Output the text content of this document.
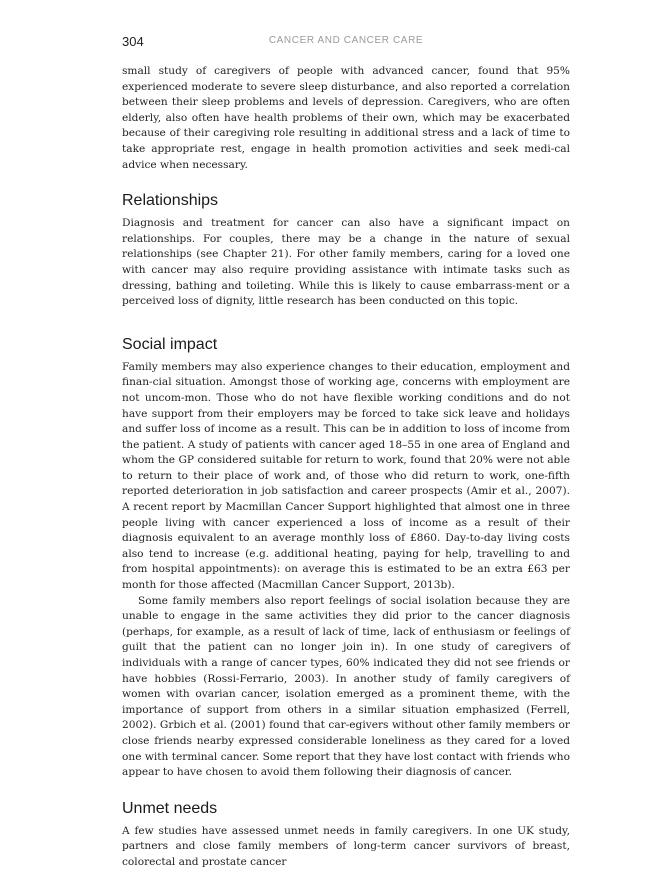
304	CANCER AND CANCER CARE

small study of caregivers of people with advanced cancer, found that 95% experienced moderate to severe sleep disturbance, and also reported a correlation between their sleep problems and levels of depression. Caregivers, who are often elderly, also often have health problems of their own, which may be exacerbated because of their caregiving role resulting in additional stress and a lack of time to take appropriate rest, engage in health promotion activities and seek medi-cal advice when necessary.

Relationships

Diagnosis and treatment for cancer can also have a significant impact on relationships. For couples, there may be a change in the nature of sexual relationships (see Chapter 21). For other family members, caring for a loved one with cancer may also require providing assistance with intimate tasks such as dressing, bathing and toileting. While this is likely to cause embarrass-ment or a perceived loss of dignity, little research has been conducted on this topic.

Social impact

Family members may also experience changes to their education, employment and finan-cial situation. Amongst those of working age, concerns with employment are not uncom-mon. Those who do not have flexible working conditions and do not have support from their employers may be forced to take sick leave and holidays and suffer loss of income as a result. This can be in addition to loss of income from the patient. A study of patients with cancer aged 18–55 in one area of England and whom the GP considered suitable for return to work, found that 20% were not able to return to their place of work and, of those who did return to work, one-fifth reported deterioration in job satisfaction and career prospects (Amir et al., 2007). A recent report by Macmillan Cancer Support highlighted that almost one in three people living with cancer experienced a loss of income as a result of their diagnosis equivalent to an average monthly loss of £860. Day-to-day living costs also tend to increase (e.g. additional heating, paying for help, travelling to and from hospital appointments): on average this is estimated to be an extra £63 per month for those affected (Macmillan Cancer Support, 2013b).

Some family members also report feelings of social isolation because they are unable to engage in the same activities they did prior to the cancer diagnosis (perhaps, for example, as a result of lack of time, lack of enthusiasm or feelings of guilt that the patient can no longer join in). In one study of caregivers of individuals with a range of cancer types, 60% indicated they did not see friends or have hobbies (Rossi-Ferrario, 2003). In another study of family caregivers of women with ovarian cancer, isolation emerged as a prominent theme, with the importance of support from others in a similar situation emphasized (Ferrell, 2002). Grbich et al. (2001) found that car-egivers without other family members or close friends nearby expressed considerable loneliness as they cared for a loved one with terminal cancer. Some report that they have lost contact with friends who appear to have chosen to avoid them following their diagnosis of cancer.

Unmet needs

A few studies have assessed unmet needs in family caregivers. In one UK study, partners and close family members of long-term cancer survivors of breast, colorectal and prostate cancer
